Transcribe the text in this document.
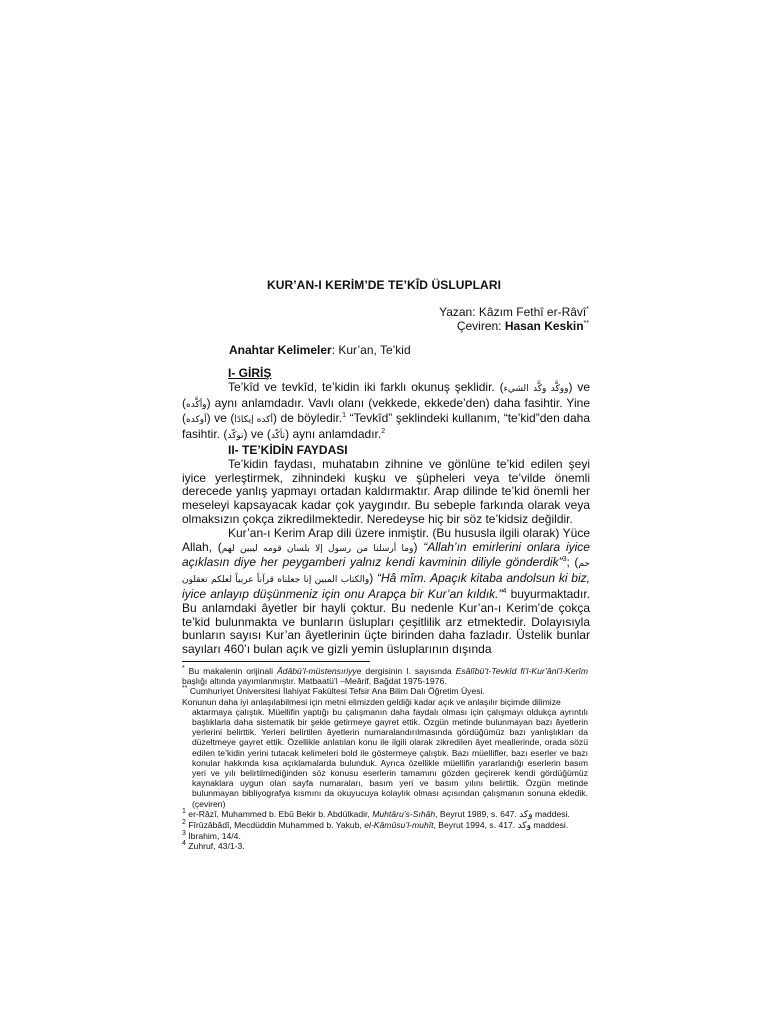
KUR’AN-I KERİM’DE TE’KÎD ÜSLUPLARI
Yazan: Kâzım Fethî er-Râvî*
Çeviren: Hasan Keskin**
Anahtar Kelimeler: Kur’an, Te’kid
I- GİRİŞ

Te’kîd ve tevkîd, te’kidin iki farklı okunuş şeklidir. (ووكَّد وكَّد الشيء) ve (وأكَّده) aynı anlamdadır. Vavlı olanı (vekkede, ekkede’den) daha fasihtir. Yine (أوكده) ve (أكده إيكادًا) de böyledir.$^1$ “Tevkîd” şeklindeki kullanım, “te’kid”den daha fasihtir. (توكّد) ve (تأكّد) aynı anlamdadır.$^2$

II- TE’KİDİN FAYDASI

Te’kidin faydası, muhatabın zihnine ve gönlüne te’kid edilen şeyi iyice yerleştirmek, zihnindeki kuşku ve şüpheleri veya te’vilde önemli derecede yanlış yapmayı ortadan kaldırmaktır. Arap dilinde te’kid önemli her meseleyi kapsayacak kadar çok yaygındır. Bu sebeple farkında olarak veya olmaksızın çokça zikredilmektedir. Neredeyse hiç bir söz te’kidsiz değildir.

Kur’an-ı Kerim Arap dili üzere inmiştir. (Bu hususla ilgili olarak) Yüce Allah, (وما أرسلنا من رسول إلا بلسان قومه ليبين لهم) “Allah’ın emirlerini onlara iyice açıklasın diye her peygamberi yalnız kendi kavminin diliyle gönderdik”$^3$; (حم والكتاب المبين إنا جعلناه قرآناً عربياً لعلكم تعقلون) “Hâ mîm. Apaçık kitaba andolsun ki biz, iyice anlayıp düşünmeniz için onu Arapça bir Kur’an kıldık.”$^4$ buyurmaktadır. Bu anlamdaki âyetler bir hayli çoktur. Bu nedenle Kur’an-ı Kerim’de çokça te’kid bulunmakta ve bunların üslupları çeşitlilik arz etmektedir. Dolayısıyla bunların sayısı Kur’an âyetlerinin üçte birinden daha fazladır. Üstelik bunlar sayıları 460’ı bulan açık ve gizli yemin üsluplarının dışında

* Bu makalenin orijinali Âdâbü’l-müstensıriyye dergisinin I. sayısında Esâlîbü’t-Tevkîd fi’l-Kur’âni’l-Kerîm başlığı altında yayımlanmıştır. Matbaatü’l –Meârif, Bağdat 1975-1976.
** Cumhuriyet Üniversitesi İlahiyat Fakültesi Tefsir Ana Bilim Dalı Öğretim Üyesi.
Konunun daha iyi anlaşılabilmesi için metni elimizden geldiği kadar açık ve anlaşılır biçimde dilimize
aktarmaya çalıştık. Müellifin yaptığı bu çalışmanın daha faydalı olması için çalışmayı oldukça ayrıntılı başlıklarla daha sistematik bir şekle getirmeye gayret ettik. Özgün metinde bulunmayan bazı âyetlerin yerlerini belirttik. Yerleri belirtilen âyetlerin numaralandırılmasında gördüğümüz bazı yanlışlıkları da düzeltmeye gayret ettik. Özellikle anlatılan konu ile ilgili olarak zikredilen âyet meallerinde, orada sözü edilen te’kidin yerini tutacak kelimeleri bold ile göstermeye çalıştık. Bazı müellifler, bazı eserler ve bazı konular hakkında kısa açıklamalarda bulunduk. Ayrıca özellikle müellifin yararlandığı eserlerin basım yeri ve yılı belirtilmediğinden söz konusu eserlerin tamamını gözden geçirerek kendi gördüğümüz kaynaklara uygun olan sayfa numaraları, basım yeri ve basım yılını belirttik. Özgün metinde bulunmayan bibliyografya kısmını da okuyucuya kolaylık olması açısından çalışmanın sonuna ekledik. (çeviren)
$^1$ er-Râzî, Muhammed b. Ebû Bekir b. Abdülkadir, Muhtâru’s-Sıhâh, Beyrut 1989, s. 647. وكد maddesi.
$^2$ Fîrûzâbâdî, Mecdüddin Muhammed b. Yakub, el-Kâmûsu’l-muhît, Beyrut 1994, s. 417. وكد maddesi.
$^3$ İbrahim, 14/4.
$^4$ Zuhruf, 43/1-3.
